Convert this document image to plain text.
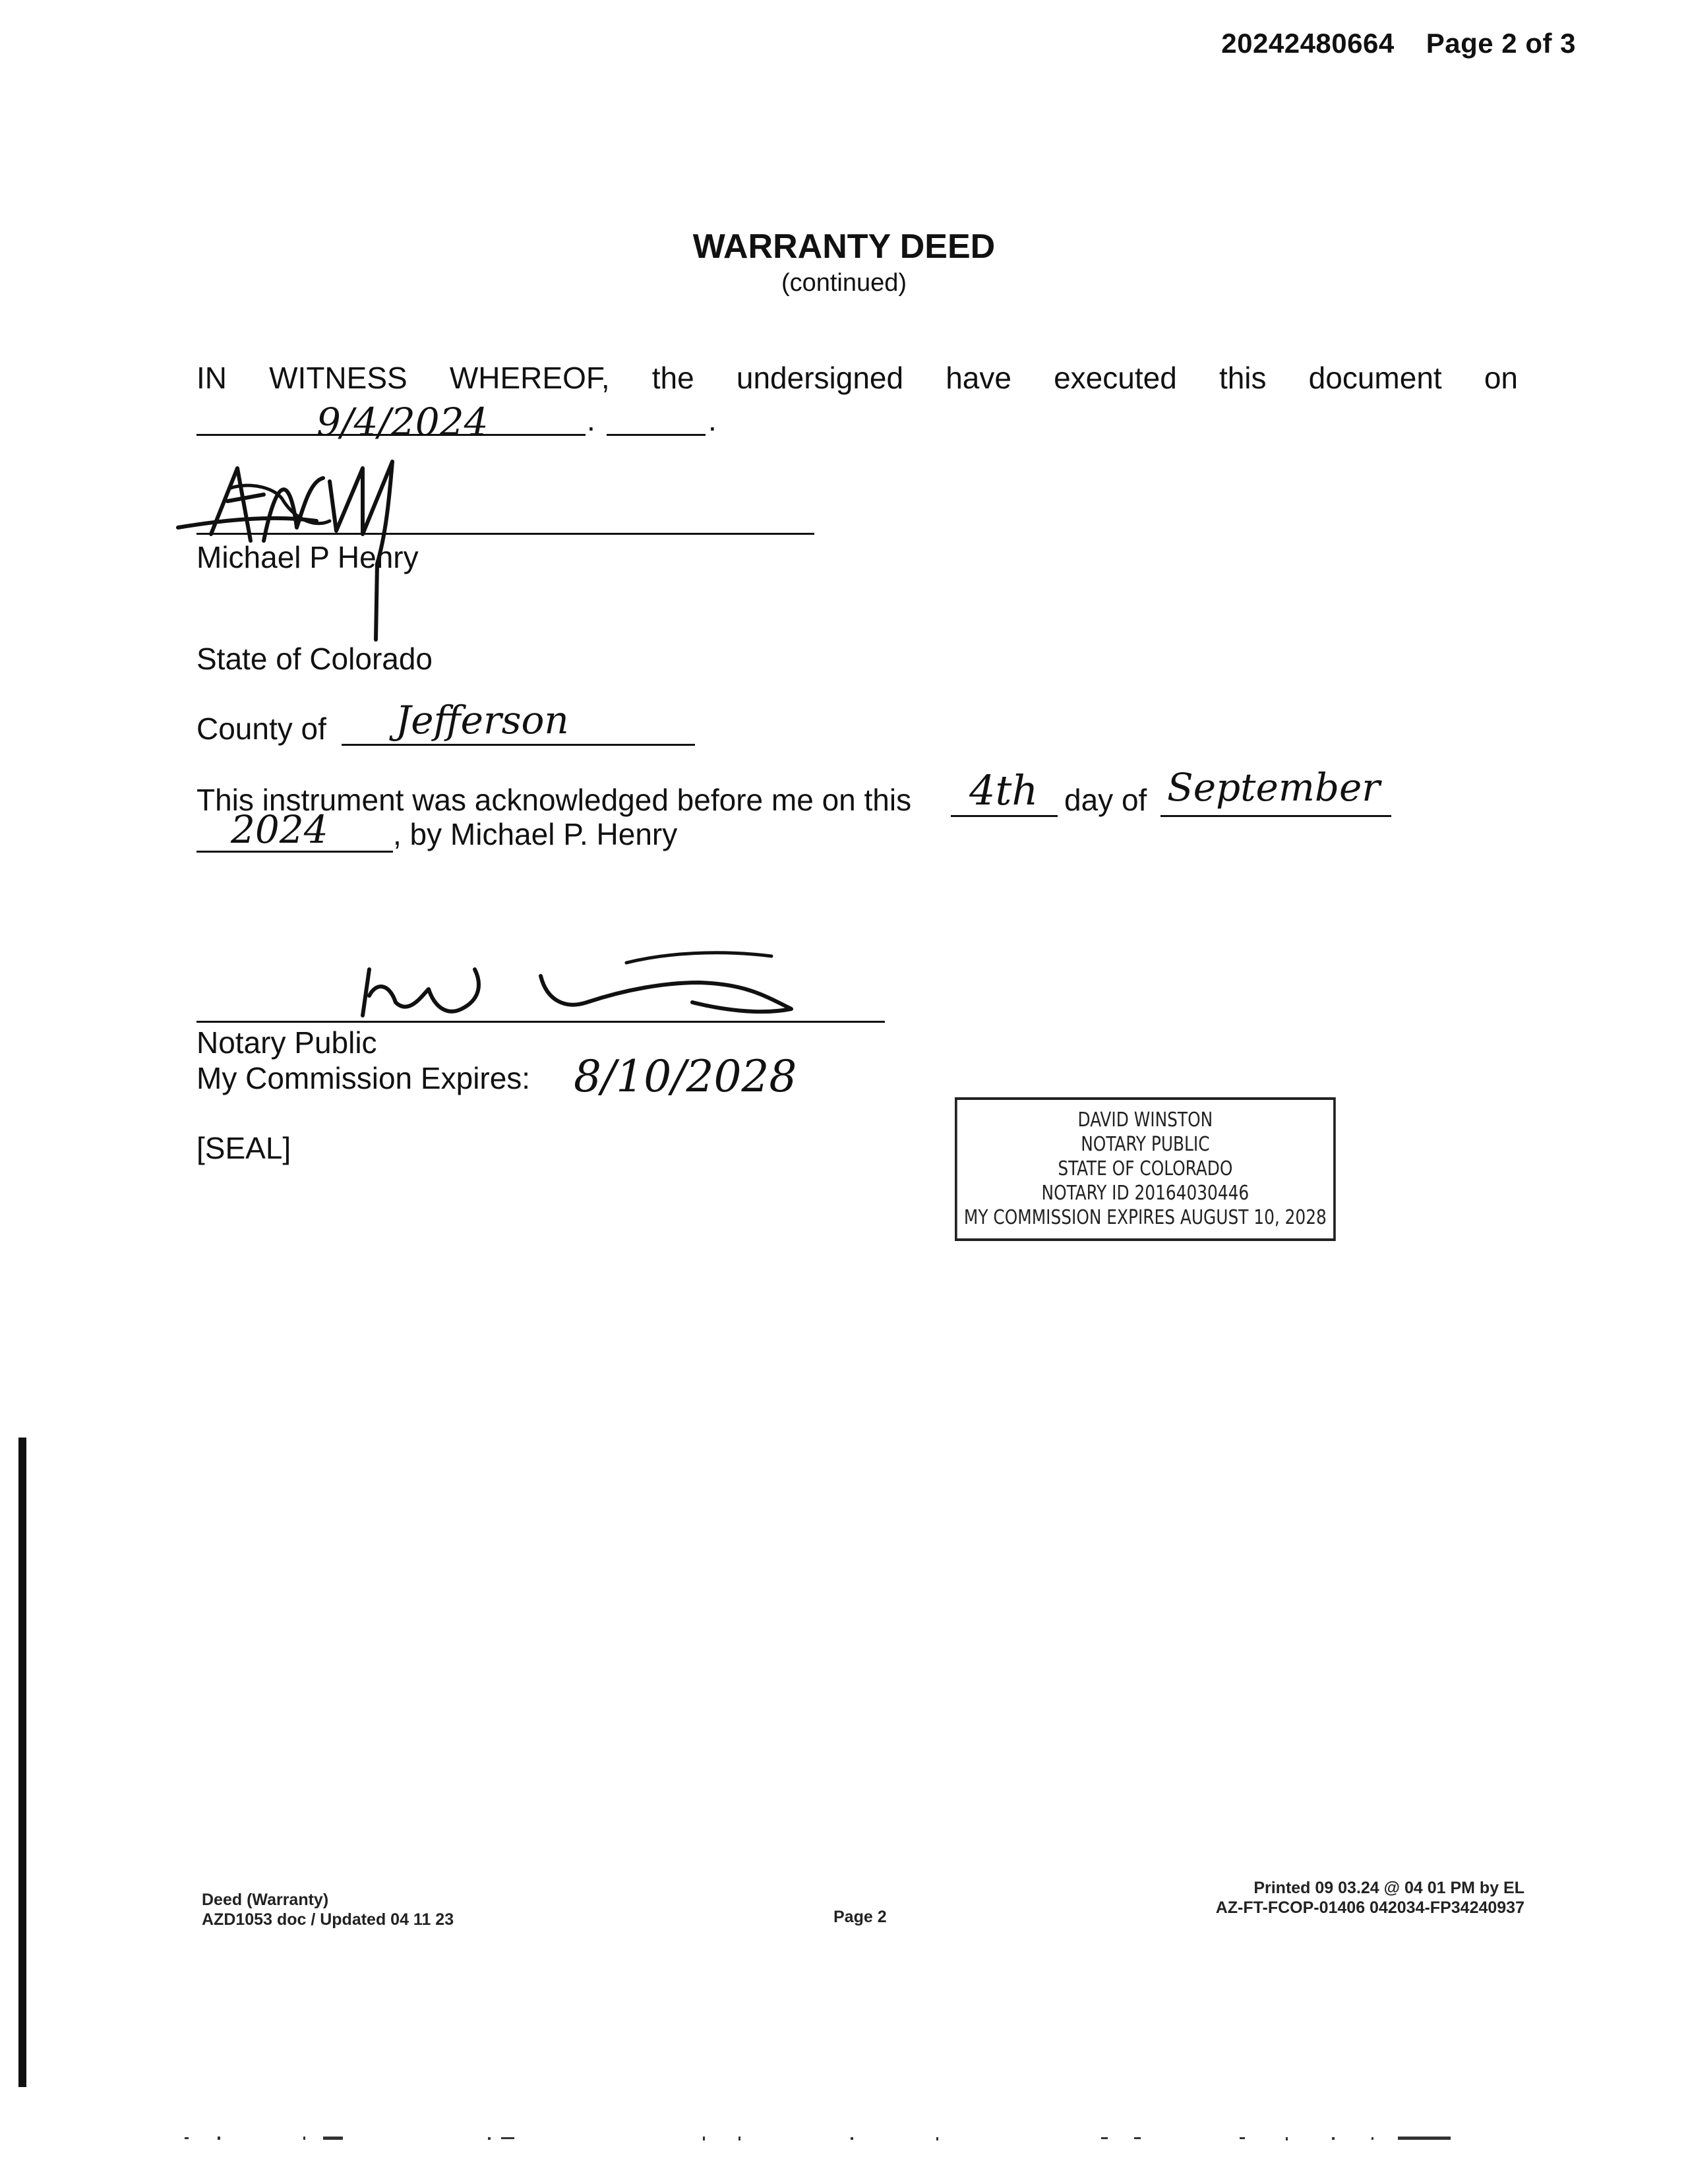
20242480664 Page 2 of 3
WARRANTY DEED
(continued)
IN WITNESS WHEREOF, the undersigned have executed this document on
9/4/2024	.	.
Michael P Henry
State of Colorado
County of Jefferson
This instrument was acknowledged before me on this 4th day of September
2024 , by Michael P. Henry
Notary Public
My Commission Expires: 8/10/2028
[SEAL]
DAVID WINSTON
NOTARY PUBLIC
STATE OF COLORADO
NOTARY ID 20164030446
MY COMMISSION EXPIRES AUGUST 10, 2028
Deed (Warranty)
AZD1053 doc / Updated 04 11 23	Page 2
Printed 09 03.24 @ 04 01 PM by EL
AZ-FT-FCOP-01406 042034-FP34240937
